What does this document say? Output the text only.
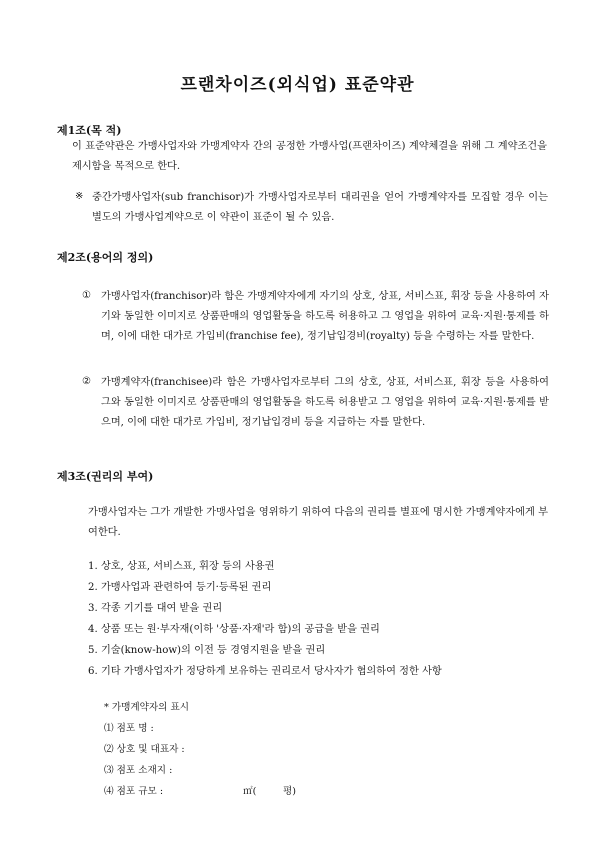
프랜차이즈(외식업) 표준약관
제1조(목 적)
이 표준약관은 가맹사업자와 가맹계약자 간의 공정한 가맹사업(프랜차이즈) 계약체결을 위해 그 계약조건을 제시함을 목적으로 한다.
※ 중간가맹사업자(sub franchisor)가 가맹사업자로부터 대리권을 얻어 가맹계약자를 모집할 경우 이는 별도의 가맹사업계약으로 이 약관이 표준이 될 수 있음.
제2조(용어의 정의)
① 가맹사업자(franchisor)라 함은 가맹계약자에게 자기의 상호, 상표, 서비스표, 휘장 등을 사용하여 자기와 동일한 이미지로 상품판매의 영업활동을 하도록 허용하고 그 영업을 위하여 교육·지원·통제를 하며, 이에 대한 대가로 가입비(franchise fee), 정기납입경비(royalty) 등을 수령하는 자를 말한다.
② 가맹계약자(franchisee)라 함은 가맹사업자로부터 그의 상호, 상표, 서비스표, 휘장 등을 사용하여 그와 동일한 이미지로 상품판매의 영업활동을 하도록 허용받고 그 영업을 위하여 교육·지원·통제를 받으며, 이에 대한 대가로 가입비, 정기납입경비 등을 지급하는 자를 말한다.
제3조(권리의 부여)
가맹사업자는 그가 개발한 가맹사업을 영위하기 위하여 다음의 권리를 별표에 명시한 가맹계약자에게 부여한다.
1. 상호, 상표, 서비스표, 휘장 등의 사용권
2. 가맹사업과 관련하여 등기·등록된 권리
3. 각종 기기를 대여 받을 권리
4. 상품 또는 원·부자재(이하 '상품·자재'라 함)의 공급을 받을 권리
5. 기술(know-how)의 이전 등 경영지원을 받을 권리
6. 기타 가맹사업자가 정당하게 보유하는 권리로서 당사자가 협의하여 정한 사항
* 가맹계약자의 표시
⑴ 점포 명 :
⑵ 상호 및 대표자 :
⑶ 점포 소재지 :
⑷ 점포 규모 :	㎡(	평)
